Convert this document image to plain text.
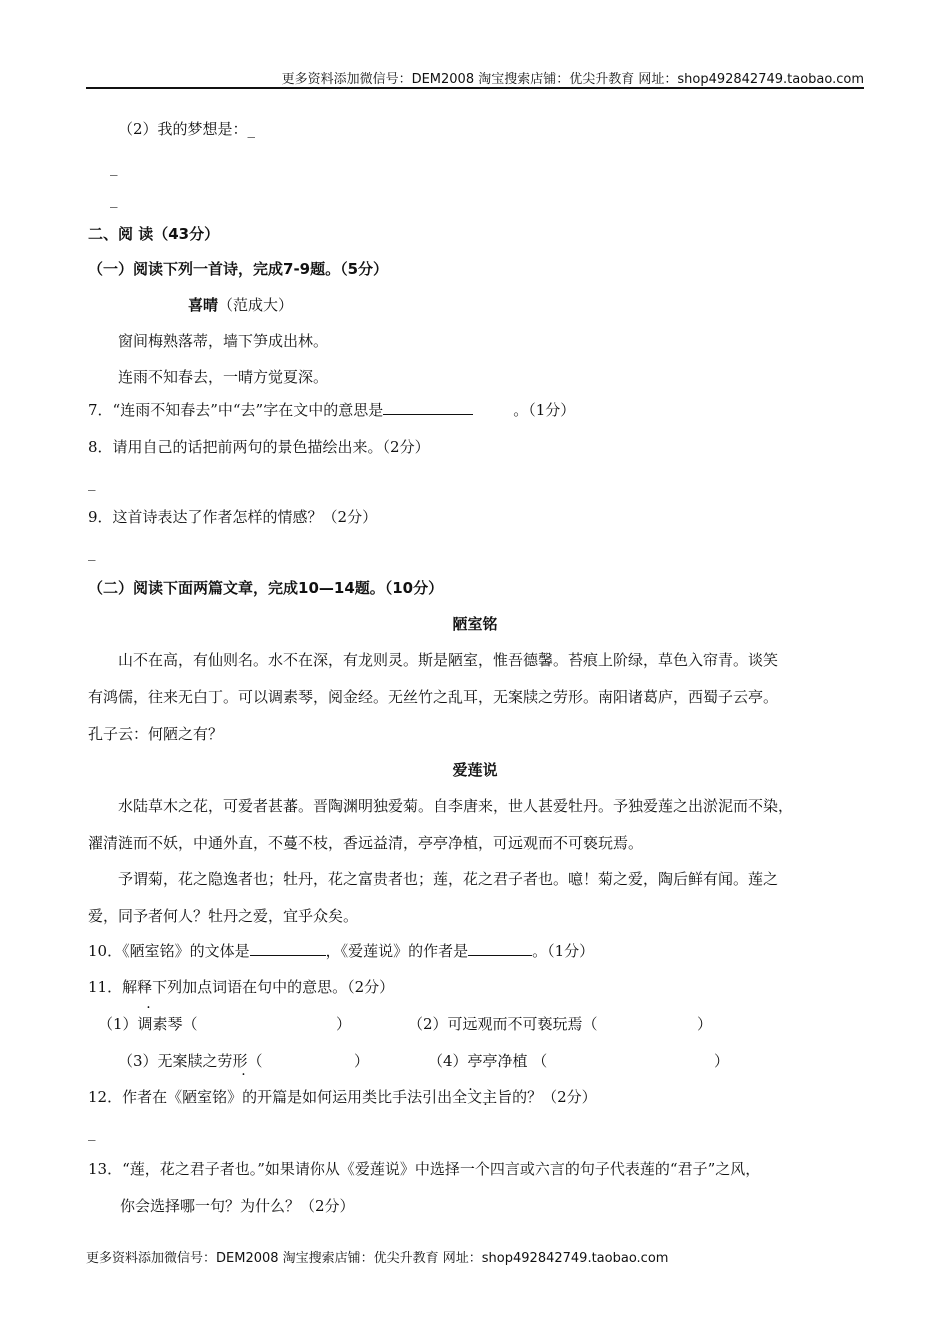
更多资料添加微信号：DEM2008 淘宝搜索店铺：优尖升教育 网址：shop492842749.taobao.com
（2）我的梦想是：_
_
_
二、阅 读（43分）
（一）阅读下列一首诗，完成7-9题。（5分）
喜晴（范成大）
窗间梅熟落蒂，墙下笋成出林。
连雨不知春去，一晴方觉夏深。
7．“连雨不知春去”中“去”字在文中的意思是	。（1分）
8．请用自己的话把前两句的景色描绘出来。（2分）
_
9．这首诗表达了作者怎样的情感？（2分）
_
（二）阅读下面两篇文章，完成10—14题。（10分）
陋室铭
山不在高，有仙则名。水不在深，有龙则灵。斯是陋室，惟吾德馨。苔痕上阶绿，草色入帘青。谈笑
有鸿儒，往来无白丁。可以调素琴，阅金经。无丝竹之乱耳，无案牍之劳形。南阳诸葛庐，西蜀子云亭。
孔子云：何陋之有？
爱莲说
水陆草木之花，可爱者甚蕃。晋陶渊明独爱菊。自李唐来，世人甚爱牡丹。予独爱莲之出淤泥而不染，
濯清涟而不妖，中通外直，不蔓不枝，香远益清，亭亭净植，可远观而不可亵玩焉。
予谓菊，花之隐逸者也；牡丹，花之富贵者也；莲，花之君子者也。噫！菊之爱，陶后鲜有闻。莲之
爱，同予者何人？牡丹之爱，宜乎众矣。
10．《陋室铭》的文体是	，《爱莲说》的作者是	。（1分）
11．解释下列加点词语在句中的意思。（2分）
（1）调素琴（
·	）	（2）可远观而不可亵玩焉（
·	）
（3）无案牍之劳形（
·	）	（4）亭亭净植 （
·
·	）
12．作者在《陋室铭》的开篇是如何运用类比手法引出全文主旨的？（2分）
_
13．“莲，花之君子者也。”如果请你从《爱莲说》中选择一个四言或六言的句子代表莲的“君子”之风，
你会选择哪一句？为什么？（2分）
更多资料添加微信号：DEM2008 淘宝搜索店铺：优尖升教育 网址：shop492842749.taobao.com
